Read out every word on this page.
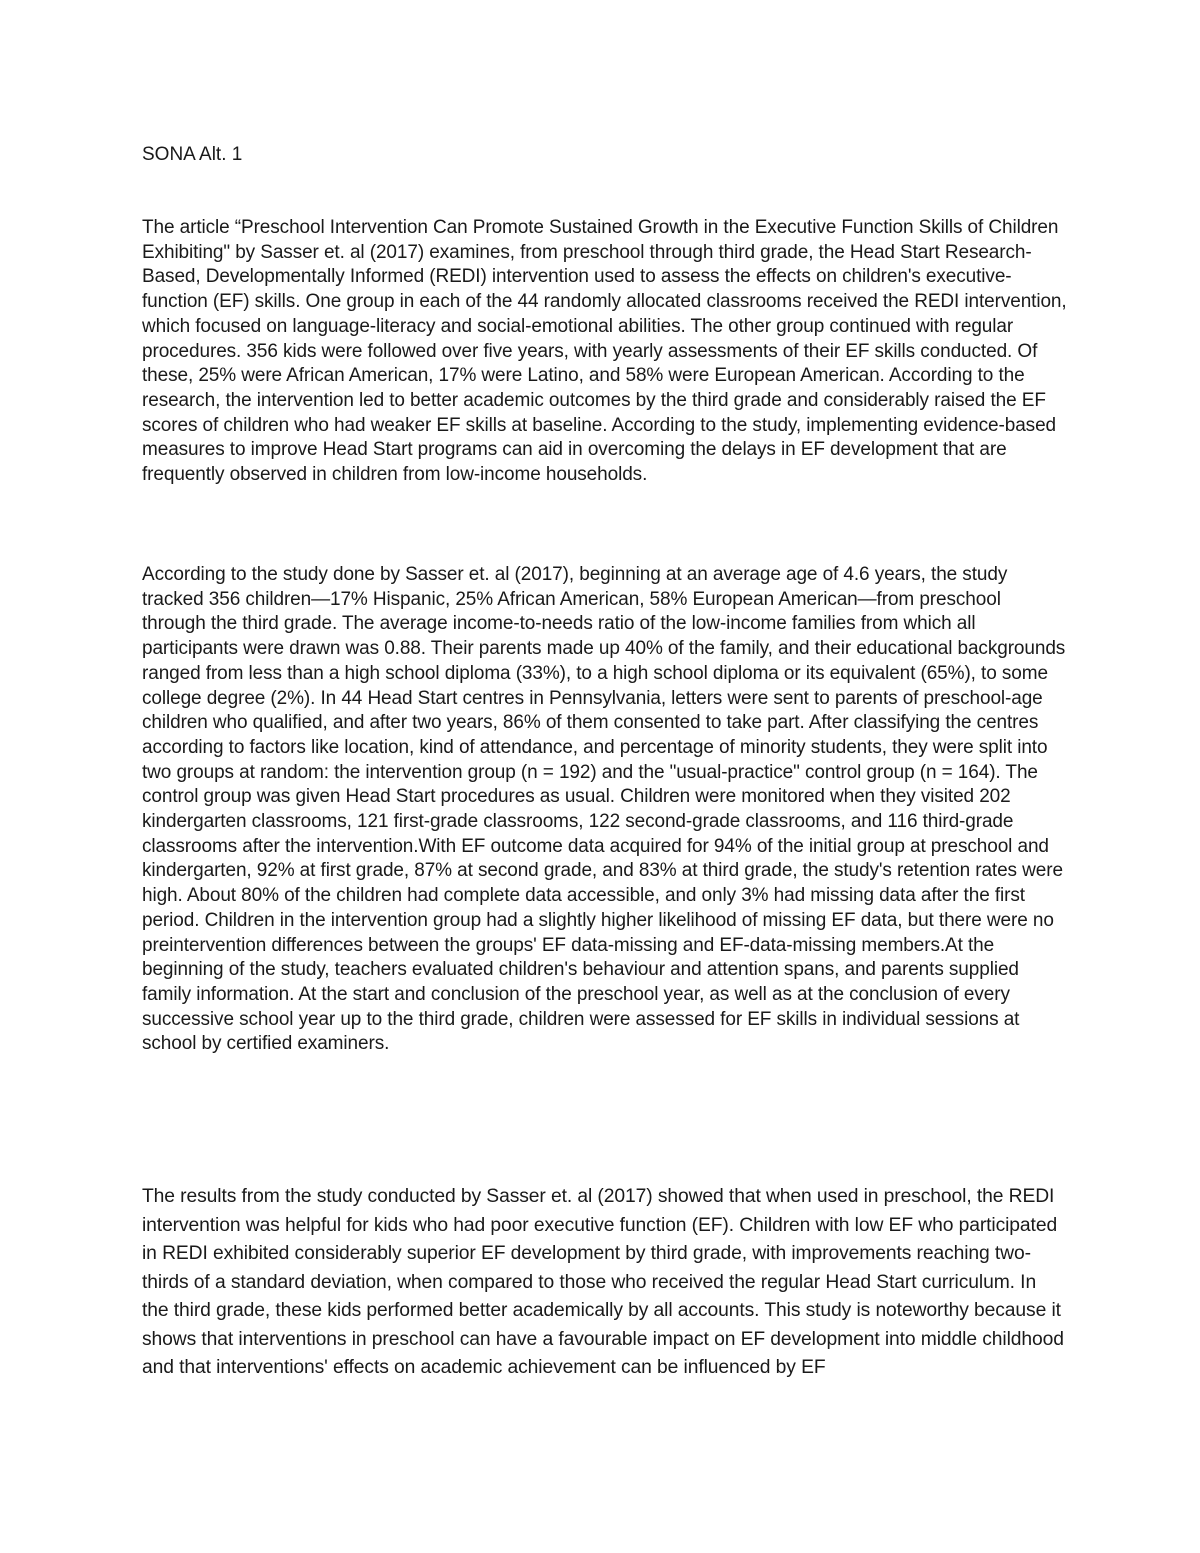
SONA Alt. 1

The article “Preschool Intervention Can Promote Sustained Growth in the Executive Function Skills of Children Exhibiting" by Sasser et. al (2017) examines, from preschool through third grade, the Head Start Research-Based, Developmentally Informed (REDI) intervention used to assess the effects on children's executive-function (EF) skills. One group in each of the 44 randomly allocated classrooms received the REDI intervention, which focused on language-literacy and social-emotional abilities. The other group continued with regular procedures. 356 kids were followed over five years, with yearly assessments of their EF skills conducted. Of these, 25% were African American, 17% were Latino, and 58% were European American. According to the research, the intervention led to better academic outcomes by the third grade and considerably raised the EF scores of children who had weaker EF skills at baseline. According to the study, implementing evidence-based measures to improve Head Start programs can aid in overcoming the delays in EF development that are frequently observed in children from low-income households.

According to the study done by Sasser et. al (2017), beginning at an average age of 4.6 years, the study tracked 356 children—17% Hispanic, 25% African American, 58% European American—from preschool through the third grade. The average income-to-needs ratio of the low-income families from which all participants were drawn was 0.88. Their parents made up 40% of the family, and their educational backgrounds ranged from less than a high school diploma (33%), to a high school diploma or its equivalent (65%), to some college degree (2%). In 44 Head Start centres in Pennsylvania, letters were sent to parents of preschool-age children who qualified, and after two years, 86% of them consented to take part. After classifying the centres according to factors like location, kind of attendance, and percentage of minority students, they were split into two groups at random: the intervention group (n = 192) and the "usual-practice" control group (n = 164). The control group was given Head Start procedures as usual. Children were monitored when they visited 202 kindergarten classrooms, 121 first-grade classrooms, 122 second-grade classrooms, and 116 third-grade classrooms after the intervention.With EF outcome data acquired for 94% of the initial group at preschool and kindergarten, 92% at first grade, 87% at second grade, and 83% at third grade, the study's retention rates were high. About 80% of the children had complete data accessible, and only 3% had missing data after the first period. Children in the intervention group had a slightly higher likelihood of missing EF data, but there were no preintervention differences between the groups' EF data-missing and EF-data-missing members.At the beginning of the study, teachers evaluated children's behaviour and attention spans, and parents supplied family information. At the start and conclusion of the preschool year, as well as at the conclusion of every successive school year up to the third grade, children were assessed for EF skills in individual sessions at school by certified examiners.

The results from the study conducted by Sasser et. al (2017) showed that when used in preschool, the REDI intervention was helpful for kids who had poor executive function (EF). Children with low EF who participated in REDI exhibited considerably superior EF development by third grade, with improvements reaching two-thirds of a standard deviation, when compared to those who received the regular Head Start curriculum. In the third grade, these kids performed better academically by all accounts. This study is noteworthy because it shows that interventions in preschool can have a favourable impact on EF development into middle childhood and that interventions' effects on academic achievement can be influenced by EF
